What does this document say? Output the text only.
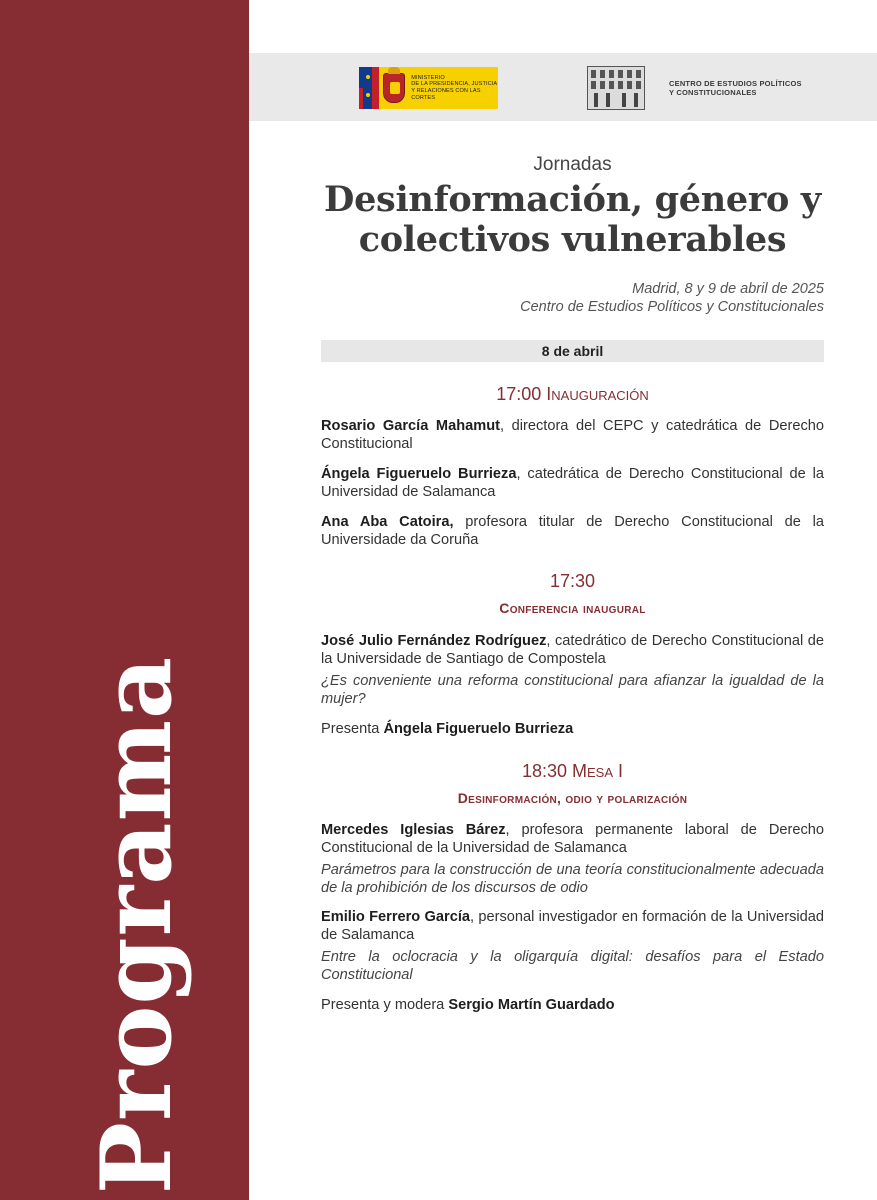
Programa
MINISTERIO
DE LA PRESIDENCIA, JUSTICIA
Y RELACIONES CON LAS CORTES
CENTRO DE ESTUDIOS POLÍTICOS
Y CONSTITUCIONALES
Jornadas
Desinformación, género y
colectivos vulnerables
Madrid, 8 y 9 de abril de 2025
Centro de Estudios Políticos y Constitucionales
8 de abril
17:00 Inauguración
Rosario García Mahamut, directora del CEPC y catedrática de Derecho Constitucional
Ángela Figueruelo Burrieza, catedrática de Derecho Constitucional de la Universidad de Salamanca
Ana Aba Catoira, profesora titular de Derecho Constitucional de la Universidade da Coruña
17:30
Conferencia inaugural
José Julio Fernández Rodríguez, catedrático de Derecho Constitucional de la Universidade de Santiago de Compostela
¿Es conveniente una reforma constitucional para afianzar la igualdad de la mujer?
Presenta Ángela Figueruelo Burrieza
18:30 Mesa I
Desinformación, odio y polarización
Mercedes Iglesias Bárez, profesora permanente laboral de Derecho Constitucional de la Universidad de Salamanca
Parámetros para la construcción de una teoría constitucionalmente adecuada de la prohibición de los discursos de odio
Emilio Ferrero García, personal investigador en formación de la Universidad de Salamanca
Entre la oclocracia y la oligarquía digital: desafíos para el Estado Constitucional
Presenta y modera Sergio Martín Guardado
